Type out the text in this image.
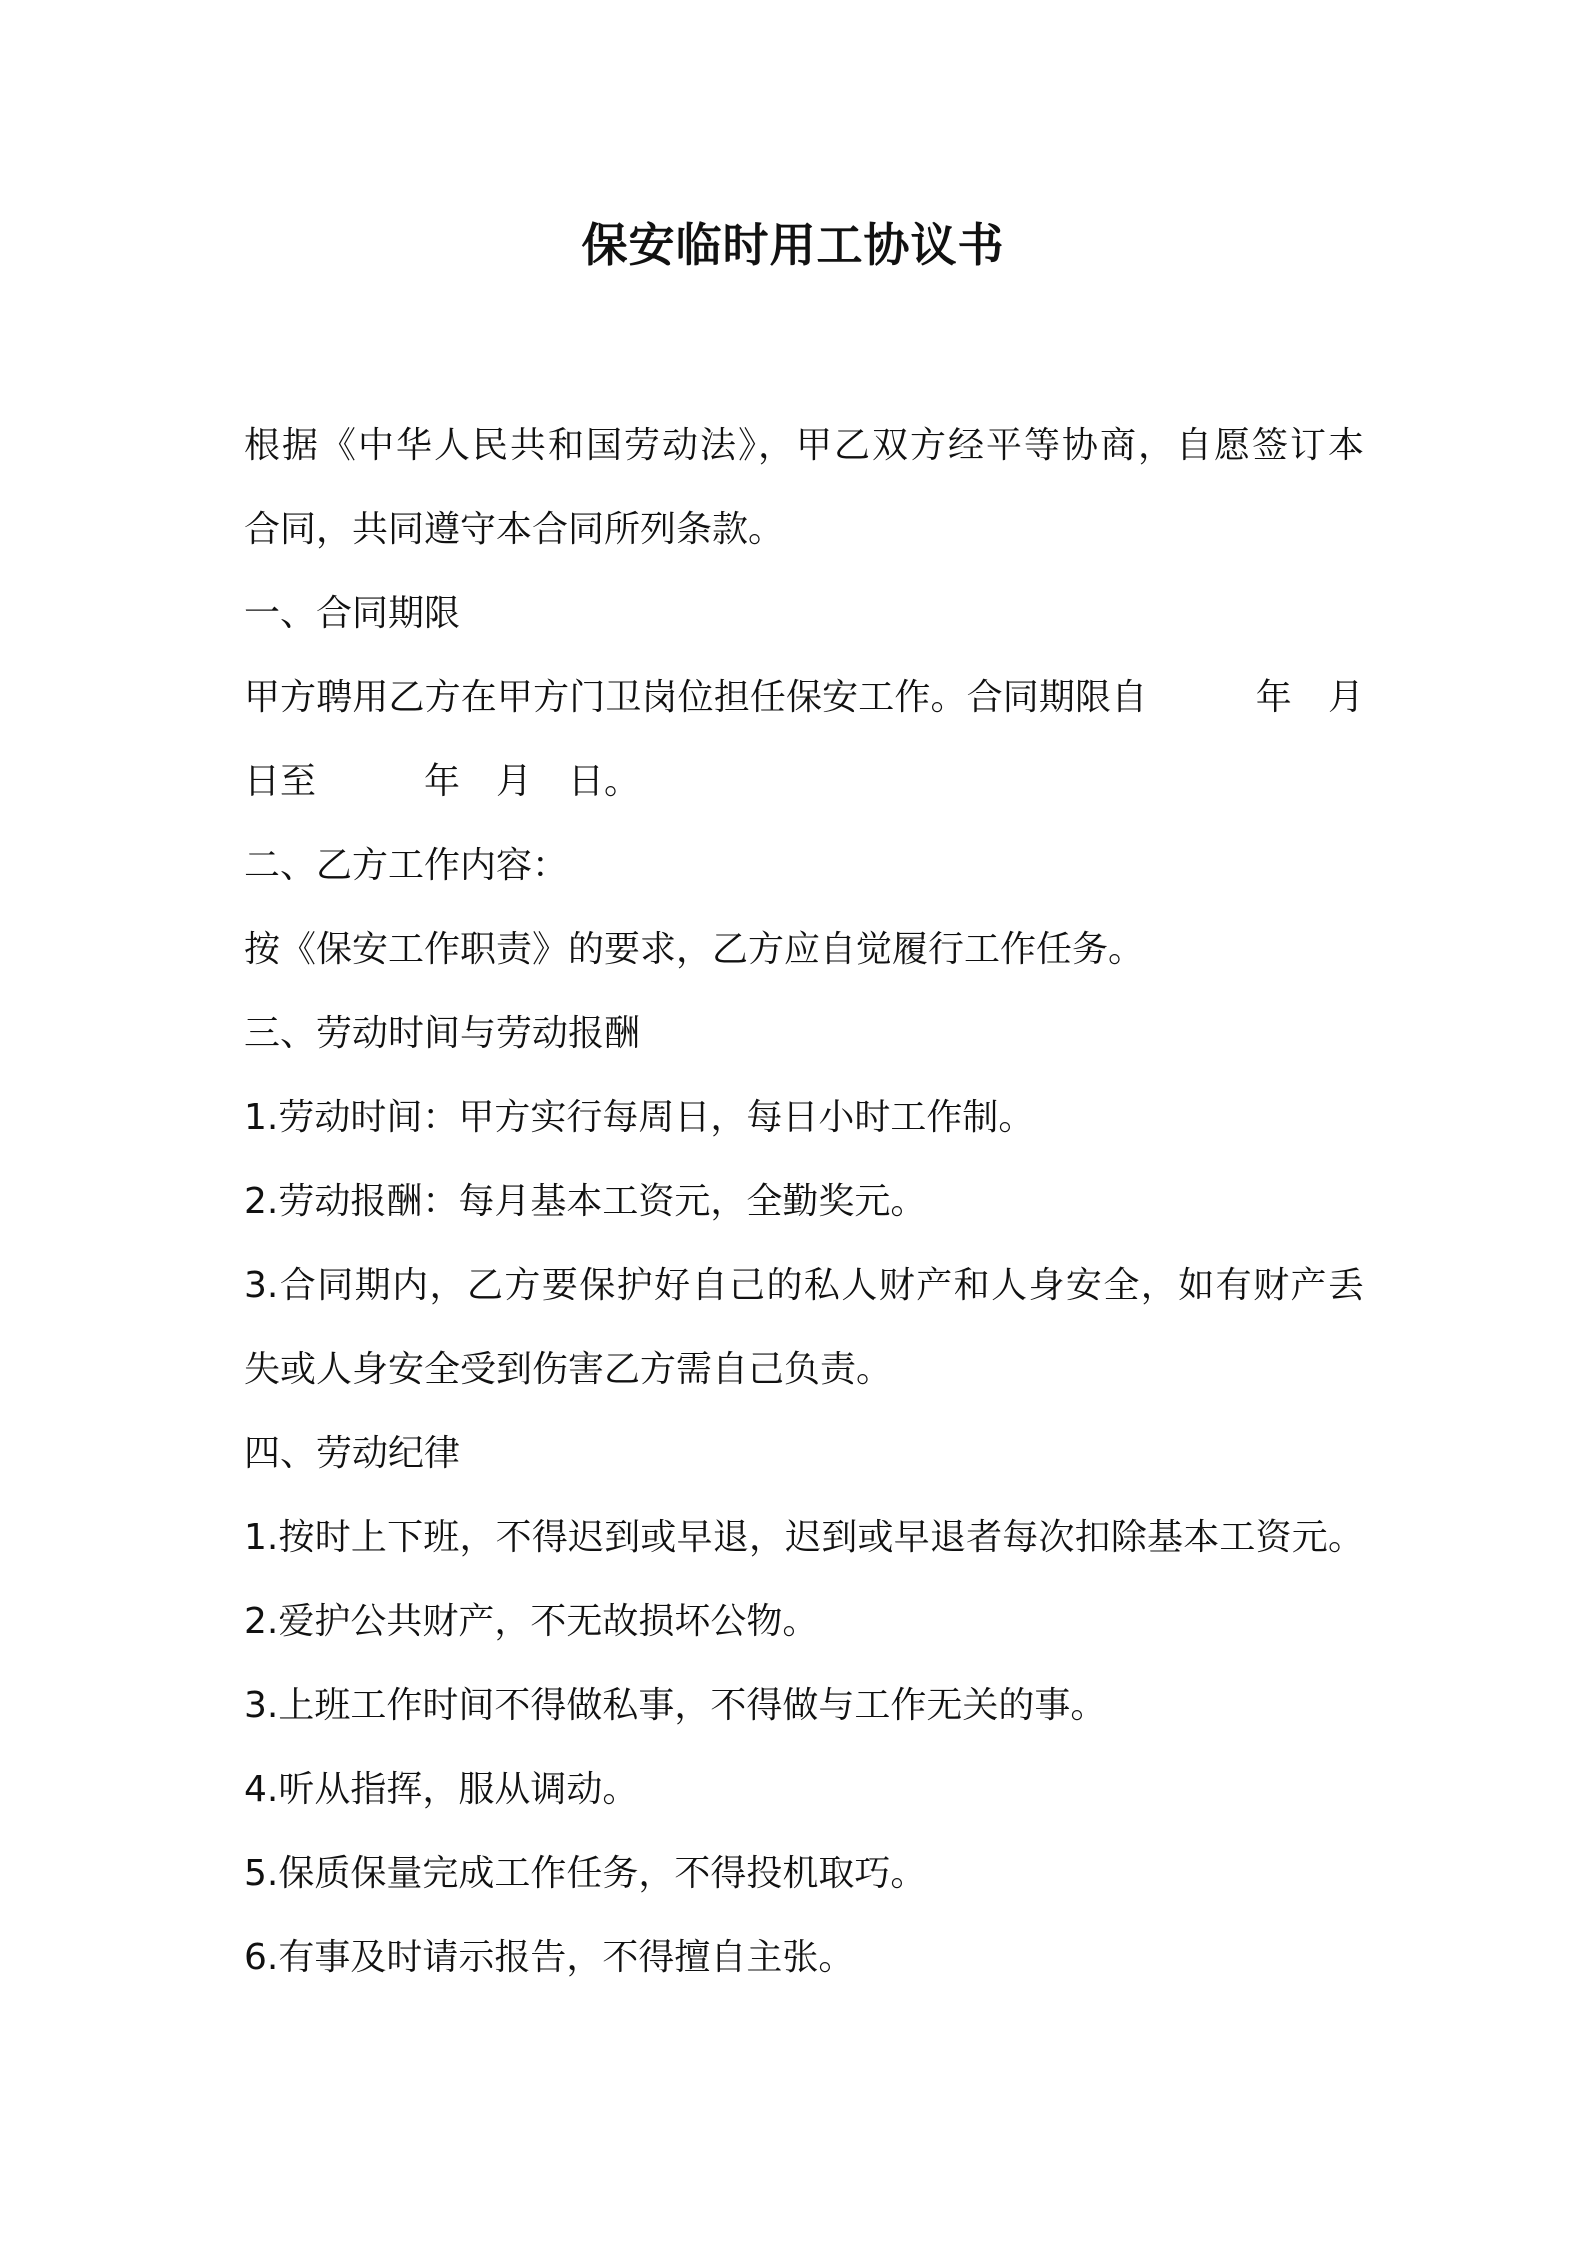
保安临时用工协议书
根据《中华人民共和国劳动法》，甲乙双方经平等协商，自愿签订本
合同，共同遵守本合同所列条款。
一、合同期限
甲方聘用乙方在甲方门卫岗位担任保安工作。合同期限自　　　年　月
日至　　　年　月　日。
二、乙方工作内容：
按《保安工作职责》的要求，乙方应自觉履行工作任务。
三、劳动时间与劳动报酬
1.劳动时间：甲方实行每周日，每日小时工作制。
2.劳动报酬：每月基本工资元，全勤奖元。
3.合同期内，乙方要保护好自己的私人财产和人身安全，如有财产丢
失或人身安全受到伤害乙方需自己负责。
四、劳动纪律
1.按时上下班，不得迟到或早退，迟到或早退者每次扣除基本工资元。
2.爱护公共财产，不无故损坏公物。
3.上班工作时间不得做私事，不得做与工作无关的事。
4.听从指挥，服从调动。
5.保质保量完成工作任务，不得投机取巧。
6.有事及时请示报告，不得擅自主张。
